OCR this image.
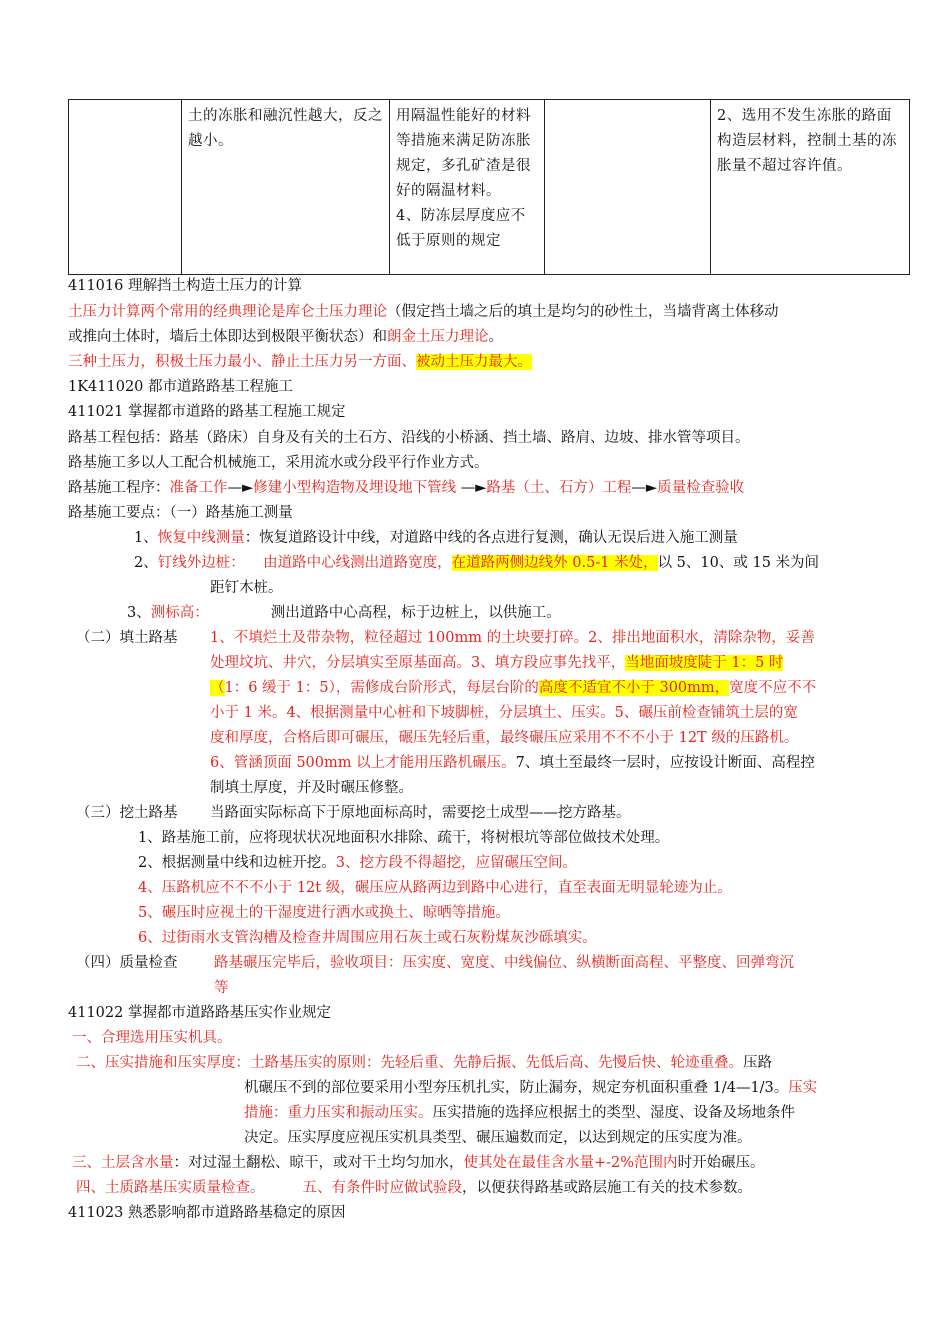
	土的冻胀和融沉性越大，反之越小。	用隔温性能好的材料等措施来满足防冻胀规定，多孔矿渣是很好的隔温材料。
4、防冻层厚度应不低于原则的规定		2、选用不发生冻胀的路面构造层材料，控制土基的冻胀量不超过容许值。
411016 理解挡土构造土压力的计算
土压力计算两个常用的经典理论是库仑土压力理论（假定挡土墙之后的填土是均匀的砂性土，当墙背离土体移动
或推向土体时，墙后土体即达到极限平衡状态）和朗金土压力理论。
三种土压力，积极土压力最小、静止土压力另一方面、被动土压力最大。
1K411020 都市道路路基工程施工
411021 掌握都市道路的路基工程施工规定
路基工程包括：路基（路床）自身及有关的土石方、沿线的小桥涵、挡土墙、路肩、边坡、排水管等项目。
路基施工多以人工配合机械施工，采用流水或分段平行作业方式。
路基施工程序：准备工作—►修建小型构造物及埋设地下管线 —►路基（土、石方）工程—►质量检查验收
路基施工要点：（一）路基施工测量
1、恢复中线测量：恢复道路设计中线，对道路中线的各点进行复测，确认无误后进入施工测量
2、钉线外边桩： 由道路中心线测出道路宽度，在道路两侧边线外 0.5-1 米处，以 5、10、或 15 米为间
距钉木桩。
3、测标高：	测出道路中心高程，标于边桩上，以供施工。
（二）填土路基 1、不填烂土及带杂物，粒径超过 100mm 的土块要打碎。2、排出地面积水，清除杂物，妥善
处理坟坑、井穴，分层填实至原基面高。3、填方段应事先找平，当地面坡度陡于 1：5 时
（1：6 缓于 1：5），需修成台阶形式，每层台阶的高度不适宜不小于 300mm，宽度不应不不
小于 1 米。4、根据测量中心桩和下坡脚桩，分层填土、压实。5、碾压前检查铺筑土层的宽
度和厚度，合格后即可碾压，碾压先轻后重，最终碾压应采用不不不小于 12T 级的压路机。
6、管涵顶面 500mm 以上才能用压路机碾压。7、填土至最终一层时，应按设计断面、高程控
制填土厚度，并及时碾压修整。
（三）挖土路基 当路面实际标高下于原地面标高时，需要挖土成型——挖方路基。
1、路基施工前，应将现状状况地面积水排除、疏干，将树根坑等部位做技术处理。
2、根据测量中线和边桩开挖。3、挖方段不得超挖，应留碾压空间。
4、压路机应不不不小于 12t 级，碾压应从路两边到路中心进行，直至表面无明显轮迹为止。
5、碾压时应视土的干湿度进行洒水或换土、晾晒等措施。
6、过街雨水支管沟槽及检查井周围应用石灰土或石灰粉煤灰沙砾填实。
（四）质量检查	路基碾压完毕后，验收项目：压实度、宽度、中线偏位、纵横断面高程、平整度、回弹弯沉
等
411022 掌握都市道路路基压实作业规定
一、合理选用压实机具。
二、压实措施和压实厚度：土路基压实的原则：先轻后重、先静后振、先低后高、先慢后快、轮迹重叠。压路
机碾压不到的部位要采用小型夯压机扎实，防止漏夯，规定夯机面积重叠 1/4—1/3。压实
措施：重力压实和振动压实。压实措施的选择应根据土的类型、湿度、设备及场地条件
决定。压实厚度应视压实机具类型、碾压遍数而定，以达到规定的压实度为准。
三、土层含水量：对过湿土翻松、晾干，或对干土均匀加水，使其处在最佳含水量+-2%范围内时开始碾压。
四、土质路基压实质量检查。	五、有条件时应做试验段，以便获得路基或路层施工有关的技术参数。
411023 熟悉影响都市道路路基稳定的原因
